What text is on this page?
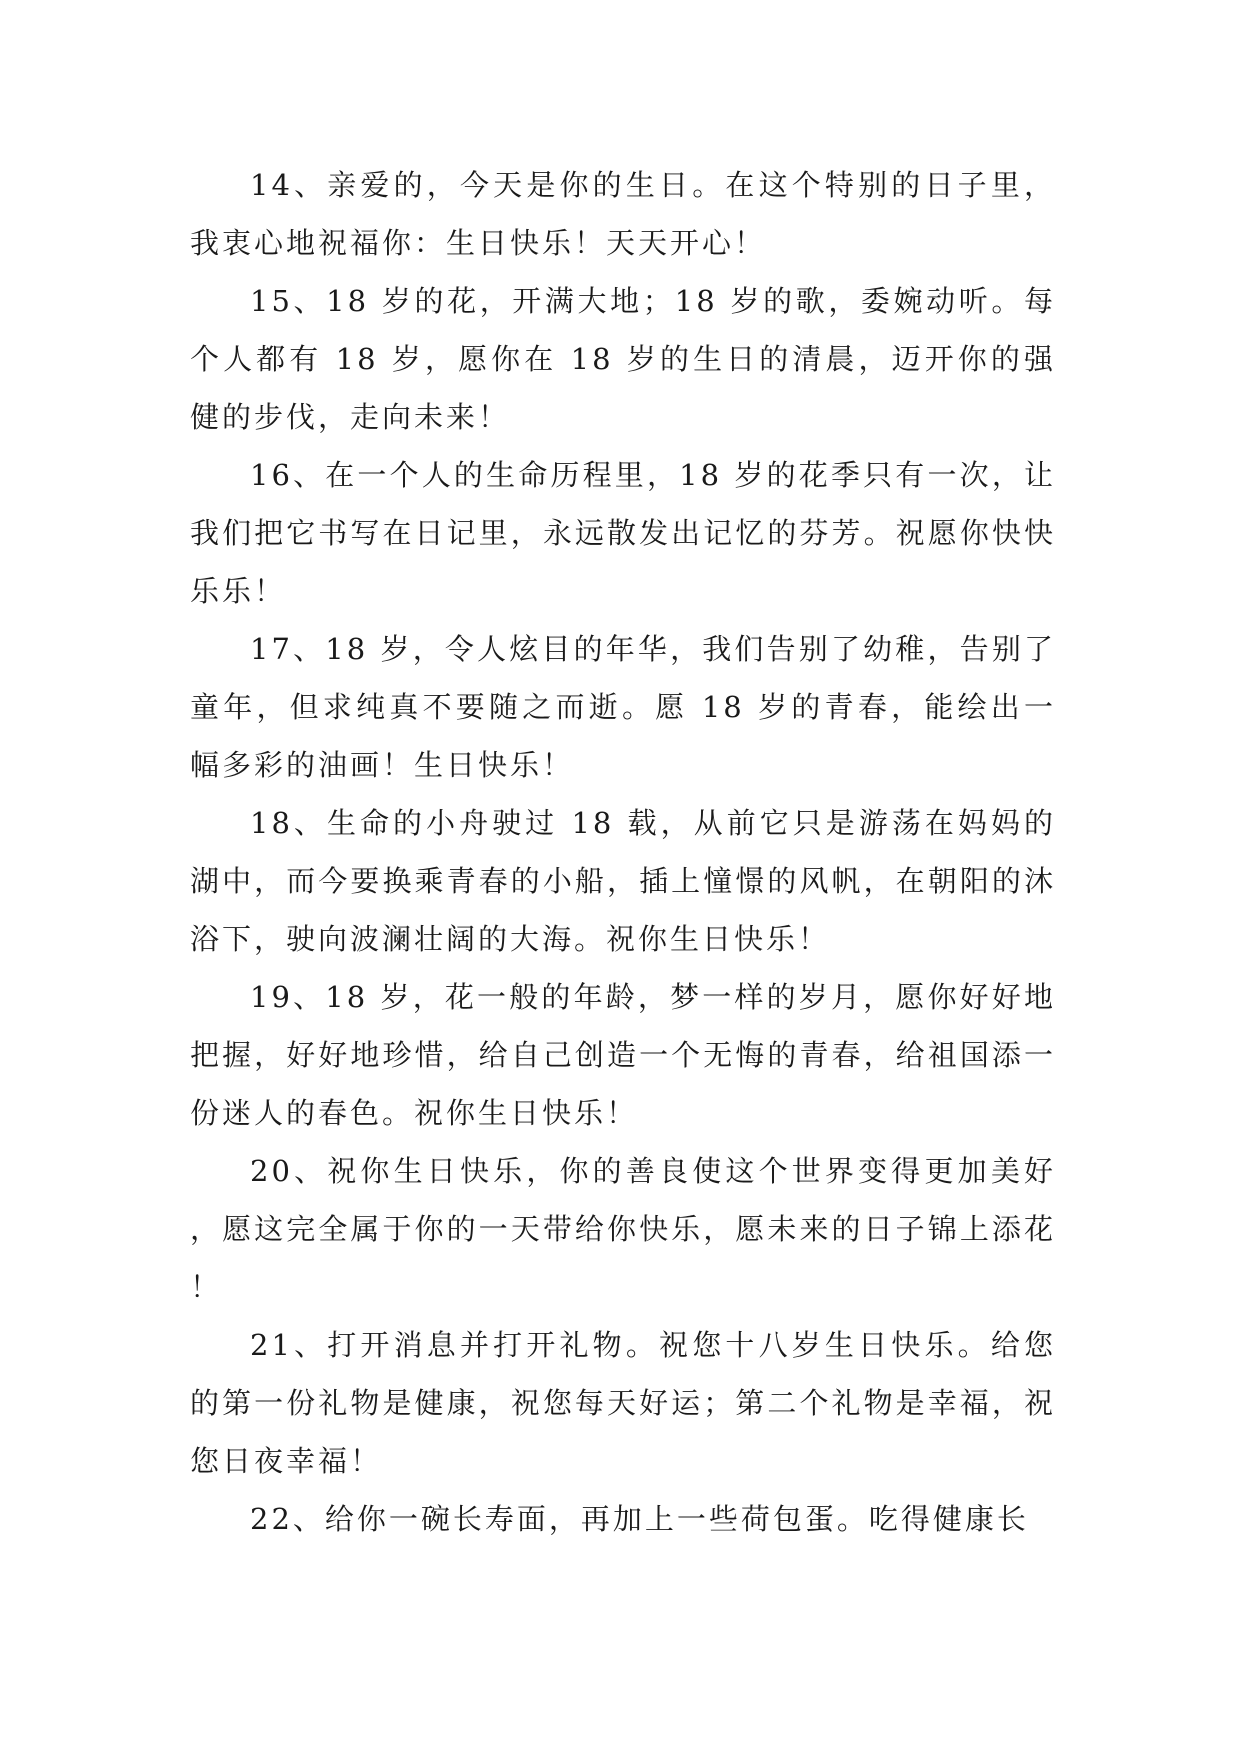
14、亲爱的，今天是你的生日。在这个特别的日子里，我衷心地祝福你：生日快乐！天天开心！

15、18 岁的花，开满大地；18 岁的歌，委婉动听。每个人都有 18 岁，愿你在 18 岁的生日的清晨，迈开你的强健的步伐，走向未来！

16、在一个人的生命历程里，18 岁的花季只有一次，让我们把它书写在日记里，永远散发出记忆的芬芳。祝愿你快快乐乐！

17、18 岁，令人炫目的年华，我们告别了幼稚，告别了童年，但求纯真不要随之而逝。愿 18 岁的青春，能绘出一幅多彩的油画！生日快乐！

18、生命的小舟驶过 18 载，从前它只是游荡在妈妈的湖中，而今要换乘青春的小船，插上憧憬的风帆，在朝阳的沐浴下，驶向波澜壮阔的大海。祝你生日快乐！

19、18 岁，花一般的年龄，梦一样的岁月，愿你好好地把握，好好地珍惜，给自己创造一个无悔的青春，给祖国添一份迷人的春色。祝你生日快乐！

20、祝你生日快乐，你的善良使这个世界变得更加美好，愿这完全属于你的一天带给你快乐，愿未来的日子锦上添花！

21、打开消息并打开礼物。祝您十八岁生日快乐。给您的第一份礼物是健康，祝您每天好运；第二个礼物是幸福，祝您日夜幸福！

22、给你一碗长寿面，再加上一些荷包蛋。吃得健康长
